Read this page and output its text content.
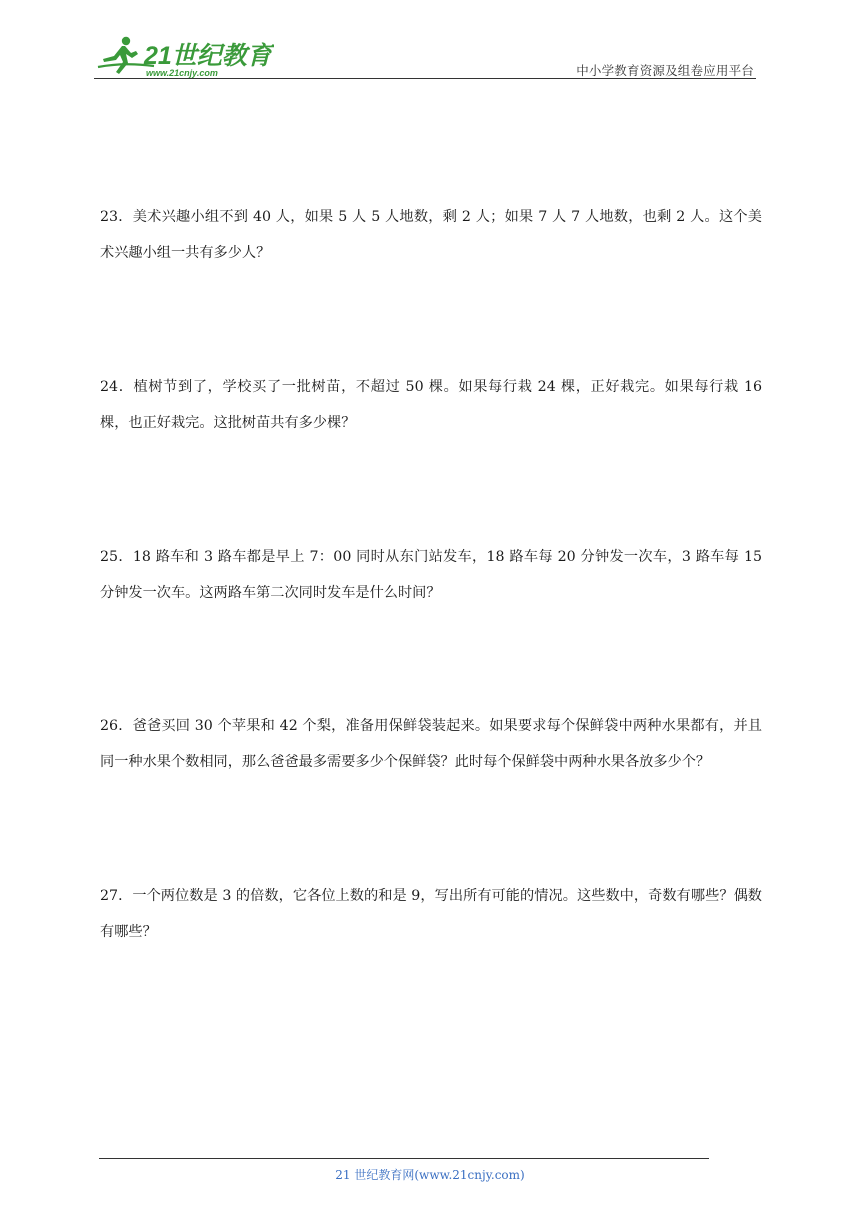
21世纪教育
www.21cnjy.com	中小学教育资源及组卷应用平台

23．美术兴趣小组不到 40 人，如果 5 人 5 人地数，剩 2 人；如果 7 人 7 人地数，也剩 2 人。这个美术兴趣小组一共有多少人？

24．植树节到了，学校买了一批树苗，不超过 50 棵。如果每行栽 24 棵，正好栽完。如果每行栽 16 棵，也正好栽完。这批树苗共有多少棵？

25．18 路车和 3 路车都是早上 7：00 同时从东门站发车，18 路车每 20 分钟发一次车，3 路车每 15 分钟发一次车。这两路车第二次同时发车是什么时间？

26．爸爸买回 30 个苹果和 42 个梨，准备用保鲜袋装起来。如果要求每个保鲜袋中两种水果都有，并且同一种水果个数相同，那么爸爸最多需要多少个保鲜袋？此时每个保鲜袋中两种水果各放多少个？

27．一个两位数是 3 的倍数，它各位上数的和是 9，写出所有可能的情况。这些数中，奇数有哪些？偶数有哪些？

21 世纪教育网(www.21cnjy.com)
